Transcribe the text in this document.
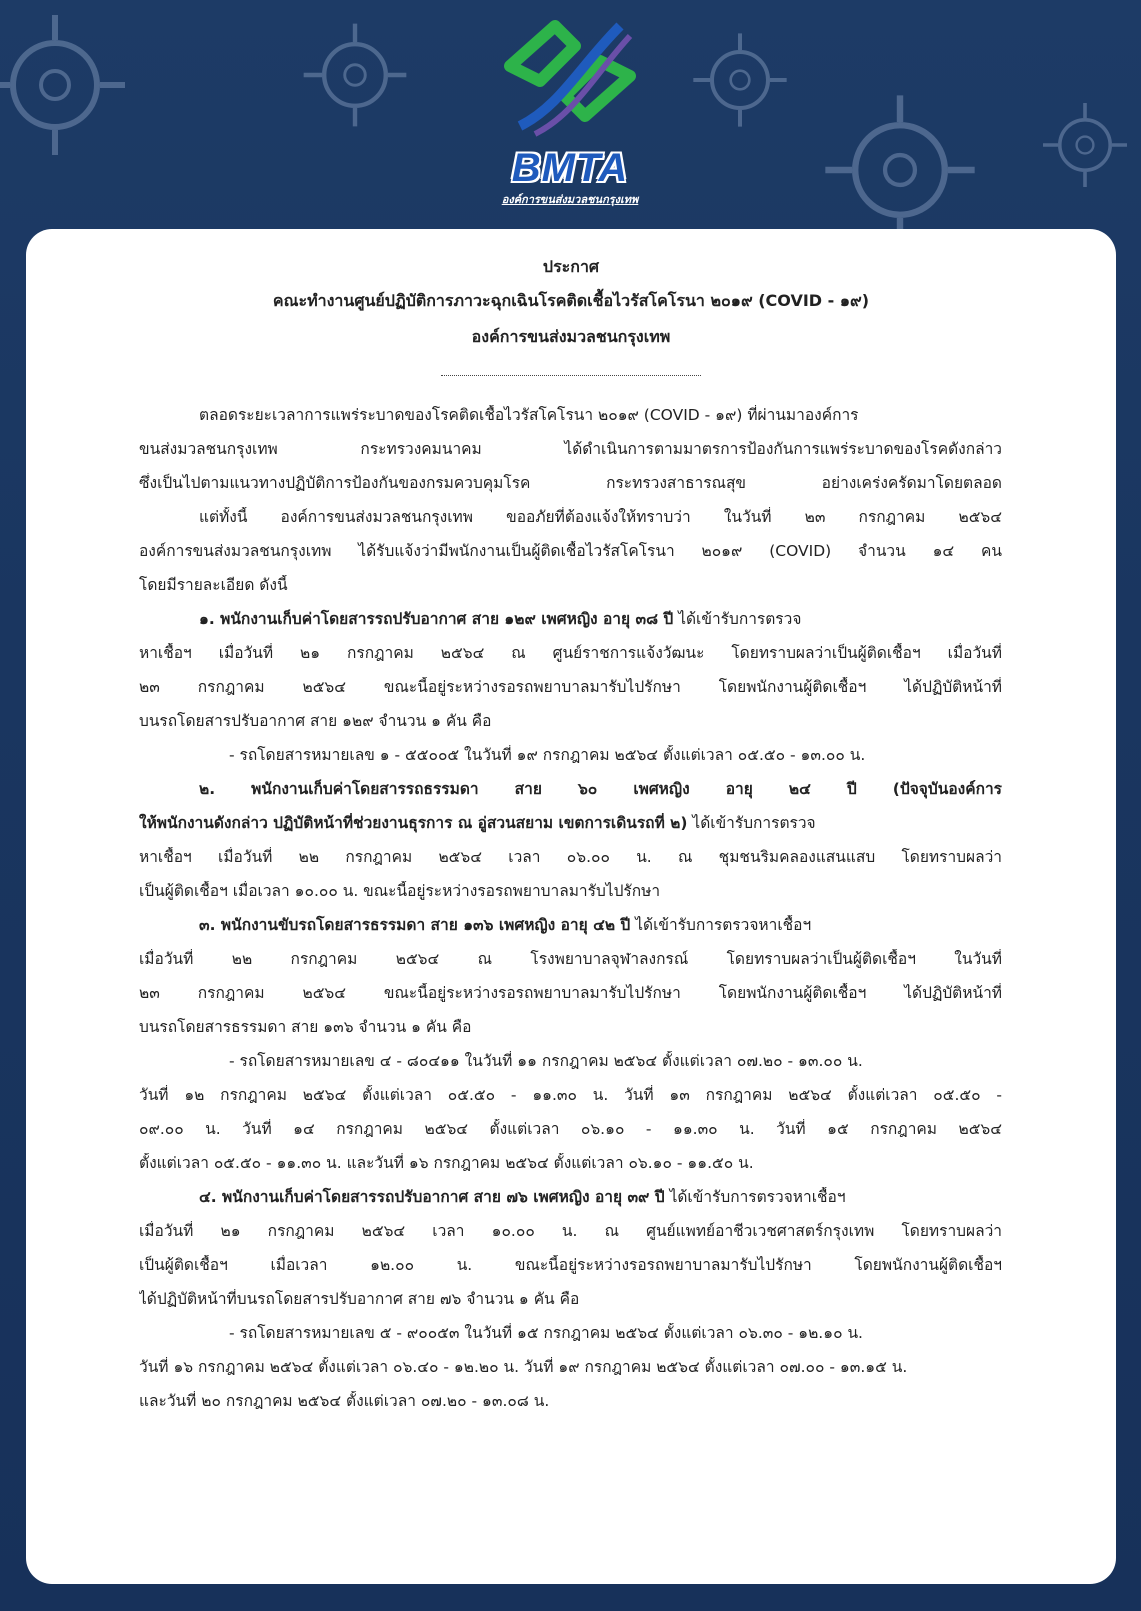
BMTA
องค์การขนส่งมวลชนกรุงเทพ
ประกาศ
คณะทำงานศูนย์ปฏิบัติการภาวะฉุกเฉินโรคติดเชื้อไวรัสโคโรนา ๒๐๑๙ (COVID - ๑๙)
องค์การขนส่งมวลชนกรุงเทพ
ตลอดระยะเวลาการแพร่ระบาดของโรคติดเชื้อไวรัสโคโรนา ๒๐๑๙ (COVID - ๑๙) ที่ผ่านมาองค์การ
ขนส่งมวลชนกรุงเทพ กระทรวงคมนาคม ได้ดำเนินการตามมาตรการป้องกันการแพร่ระบาดของโรคดังกล่าว
ซึ่งเป็นไปตามแนวทางปฏิบัติการป้องกันของกรมควบคุมโรค กระทรวงสาธารณสุข อย่างเคร่งครัดมาโดยตลอด
แต่ทั้งนี้ องค์การขนส่งมวลชนกรุงเทพ ขออภัยที่ต้องแจ้งให้ทราบว่า ในวันที่ ๒๓ กรกฎาคม ๒๕๖๔
องค์การขนส่งมวลชนกรุงเทพ ได้รับแจ้งว่ามีพนักงานเป็นผู้ติดเชื้อไวรัสโคโรนา ๒๐๑๙ (COVID) จำนวน ๑๔ คน
โดยมีรายละเอียด ดังนี้
๑. พนักงานเก็บค่าโดยสารรถปรับอากาศ สาย ๑๒๙ เพศหญิง อายุ ๓๘ ปี ได้เข้ารับการตรวจ
หาเชื้อฯ เมื่อวันที่ ๒๑ กรกฎาคม ๒๕๖๔ ณ ศูนย์ราชการแจ้งวัฒนะ โดยทราบผลว่าเป็นผู้ติดเชื้อฯ เมื่อวันที่
๒๓ กรกฎาคม ๒๕๖๔ ขณะนี้อยู่ระหว่างรอรถพยาบาลมารับไปรักษา โดยพนักงานผู้ติดเชื้อฯ ได้ปฏิบัติหน้าที่
บนรถโดยสารปรับอากาศ สาย ๑๒๙ จำนวน ๑ คัน คือ
- รถโดยสารหมายเลข ๑ - ๕๕๐๐๕ ในวันที่ ๑๙ กรกฎาคม ๒๕๖๔ ตั้งแต่เวลา ๐๕.๕๐ - ๑๓.๐๐ น.
๒. พนักงานเก็บค่าโดยสารรถธรรมดา สาย ๖๐ เพศหญิง อายุ ๒๔ ปี (ปัจจุบันองค์การ
ให้พนักงานดังกล่าว ปฏิบัติหน้าที่ช่วยงานธุรการ ณ อู่สวนสยาม เขตการเดินรถที่ ๒) ได้เข้ารับการตรวจ
หาเชื้อฯ เมื่อวันที่ ๒๒ กรกฎาคม ๒๕๖๔ เวลา ๐๖.๐๐ น. ณ ชุมชนริมคลองแสนแสบ โดยทราบผลว่า
เป็นผู้ติดเชื้อฯ เมื่อเวลา ๑๐.๐๐ น. ขณะนี้อยู่ระหว่างรอรถพยาบาลมารับไปรักษา
๓. พนักงานขับรถโดยสารธรรมดา สาย ๑๓๖ เพศหญิง อายุ ๔๒ ปี ได้เข้ารับการตรวจหาเชื้อฯ
เมื่อวันที่ ๒๒ กรกฎาคม ๒๕๖๔ ณ โรงพยาบาลจุฬาลงกรณ์ โดยทราบผลว่าเป็นผู้ติดเชื้อฯ ในวันที่
๒๓ กรกฎาคม ๒๕๖๔ ขณะนี้อยู่ระหว่างรอรถพยาบาลมารับไปรักษา โดยพนักงานผู้ติดเชื้อฯ ได้ปฏิบัติหน้าที่
บนรถโดยสารธรรมดา สาย ๑๓๖ จำนวน ๑ คัน คือ
- รถโดยสารหมายเลข ๔ - ๘๐๔๑๑ ในวันที่ ๑๑ กรกฎาคม ๒๕๖๔ ตั้งแต่เวลา ๐๗.๒๐ - ๑๓.๐๐ น.
วันที่ ๑๒ กรกฎาคม ๒๕๖๔ ตั้งแต่เวลา ๐๕.๕๐ - ๑๑.๓๐ น. วันที่ ๑๓ กรกฎาคม ๒๕๖๔ ตั้งแต่เวลา ๐๕.๕๐ -
๐๙.๐๐ น. วันที่ ๑๔ กรกฎาคม ๒๕๖๔ ตั้งแต่เวลา ๐๖.๑๐ - ๑๑.๓๐ น. วันที่ ๑๕ กรกฎาคม ๒๕๖๔
ตั้งแต่เวลา ๐๕.๕๐ - ๑๑.๓๐ น. และวันที่ ๑๖ กรกฎาคม ๒๕๖๔ ตั้งแต่เวลา ๐๖.๑๐ - ๑๑.๕๐ น.
๔. พนักงานเก็บค่าโดยสารรถปรับอากาศ สาย ๗๖ เพศหญิง อายุ ๓๙ ปี ได้เข้ารับการตรวจหาเชื้อฯ
เมื่อวันที่ ๒๑ กรกฎาคม ๒๕๖๔ เวลา ๑๐.๐๐ น. ณ ศูนย์แพทย์อาชีวเวชศาสตร์กรุงเทพ โดยทราบผลว่า
เป็นผู้ติดเชื้อฯ เมื่อเวลา ๑๒.๐๐ น. ขณะนี้อยู่ระหว่างรอรถพยาบาลมารับไปรักษา โดยพนักงานผู้ติดเชื้อฯ
ได้ปฏิบัติหน้าที่บนรถโดยสารปรับอากาศ สาย ๗๖ จำนวน ๑ คัน คือ
- รถโดยสารหมายเลข ๕ - ๙๐๐๕๓ ในวันที่ ๑๕ กรกฎาคม ๒๕๖๔ ตั้งแต่เวลา ๐๖.๓๐ - ๑๒.๑๐ น.
วันที่ ๑๖ กรกฎาคม ๒๕๖๔ ตั้งแต่เวลา ๐๖.๔๐ - ๑๒.๒๐ น. วันที่ ๑๙ กรกฎาคม ๒๕๖๔ ตั้งแต่เวลา ๐๗.๐๐ - ๑๓.๑๕ น.
และวันที่ ๒๐ กรกฎาคม ๒๕๖๔ ตั้งแต่เวลา ๐๗.๒๐ - ๑๓.๐๘ น.
